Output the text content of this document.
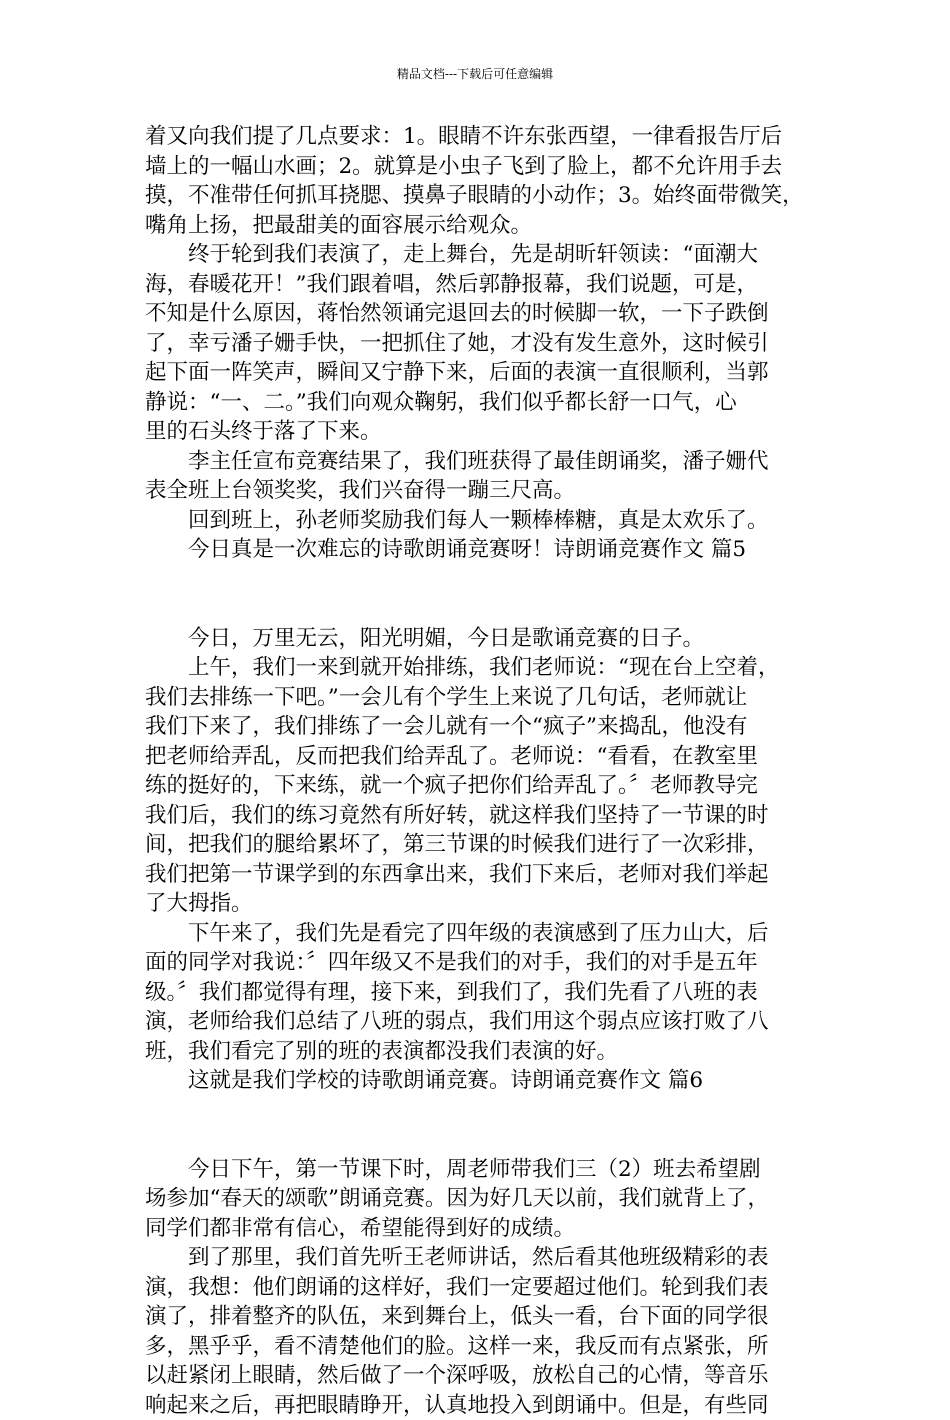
精品文档---下载后可任意编辑
着又向我们提了几点要求：1。眼睛不许东张西望，一律看报告厅后
墙上的一幅山水画；2。就算是小虫子飞到了脸上，都不允许用手去
摸，不准带任何抓耳挠腮、摸鼻子眼睛的小动作；3。始终面带微笑，
嘴角上扬，把最甜美的面容展示给观众。
　　终于轮到我们表演了，走上舞台，先是胡昕轩领读：“面潮大
海，春暖花开！”我们跟着唱，然后郭静报幕，我们说题，可是，
不知是什么原因，蒋怡然领诵完退回去的时候脚一软，一下子跌倒
了，幸亏潘子姗手快，一把抓住了她，才没有发生意外，这时候引
起下面一阵笑声，瞬间又宁静下来，后面的表演一直很顺利，当郭
静说：“一、二。”我们向观众鞠躬，我们似乎都长舒一口气，心
里的石头终于落了下来。
　　李主任宣布竞赛结果了，我们班获得了最佳朗诵奖，潘子姗代
表全班上台领奖奖，我们兴奋得一蹦三尺高。
　　回到班上，孙老师奖励我们每人一颗棒棒糖，真是太欢乐了。
　　今日真是一次难忘的诗歌朗诵竞赛呀！诗朗诵竞赛作文 篇5
　　今日，万里无云，阳光明媚，今日是歌诵竞赛的日子。
　　上午，我们一来到就开始排练，我们老师说：“现在台上空着，
我们去排练一下吧。”一会儿有个学生上来说了几句话，老师就让
我们下来了，我们排练了一会儿就有一个“疯子”来捣乱，他没有
把老师给弄乱，反而把我们给弄乱了。老师说：“看看，在教室里
练的挺好的，下来练，就一个疯子把你们给弄乱了。〞老师教导完
我们后，我们的练习竟然有所好转，就这样我们坚持了一节课的时
间，把我们的腿给累坏了，第三节课的时候我们进行了一次彩排，
我们把第一节课学到的东西拿出来，我们下来后，老师对我们举起
了大拇指。
　　下午来了，我们先是看完了四年级的表演感到了压力山大，后
面的同学对我说：〞四年级又不是我们的对手，我们的对手是五年
级。〞我们都觉得有理，接下来，到我们了，我们先看了八班的表
演，老师给我们总结了八班的弱点，我们用这个弱点应该打败了八
班，我们看完了别的班的表演都没我们表演的好。
　　这就是我们学校的诗歌朗诵竞赛。诗朗诵竞赛作文 篇6
　　今日下午，第一节课下时，周老师带我们三（2）班去希望剧
场参加“春天的颂歌”朗诵竞赛。因为好几天以前，我们就背上了，
同学们都非常有信心，希望能得到好的成绩。
　　到了那里，我们首先听王老师讲话，然后看其他班级精彩的表
演，我想：他们朗诵的这样好，我们一定要超过他们。轮到我们表
演了，排着整齐的队伍，来到舞台上，低头一看，台下面的同学很
多，黑乎乎，看不清楚他们的脸。这样一来，我反而有点紧张，所
以赶紧闭上眼睛，然后做了一个深呼吸，放松自己的心情，等音乐
响起来之后，再把眼睛睁开，认真地投入到朗诵中。但是，有些同
